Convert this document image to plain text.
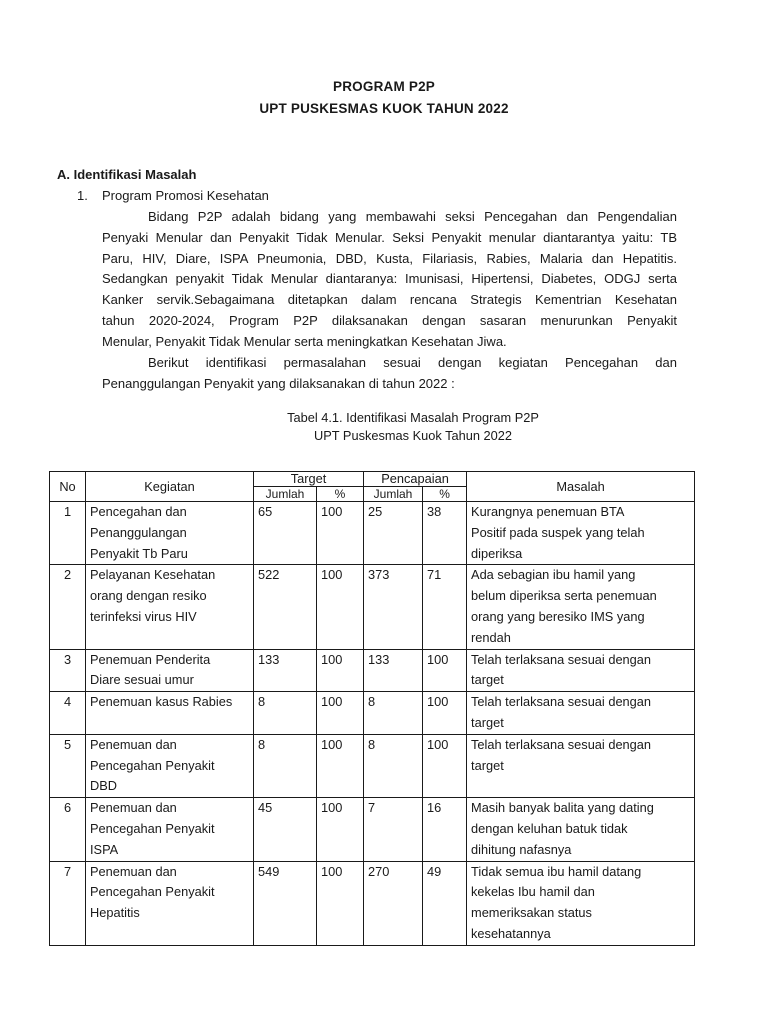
PROGRAM P2P
UPT PUSKESMAS KUOK TAHUN 2022
A. Identifikasi Masalah
1. Program Promosi Kesehatan
Bidang P2P adalah bidang yang membawahi seksi Pencegahan dan Pengendalian
Penyaki Menular dan Penyakit Tidak Menular. Seksi Penyakit menular diantarantya yaitu: TB
Paru, HIV, Diare, ISPA Pneumonia, DBD, Kusta, Filariasis, Rabies, Malaria dan Hepatitis.
Sedangkan penyakit Tidak Menular diantaranya: Imunisasi, Hipertensi, Diabetes, ODGJ serta
Kanker servik.Sebagaimana ditetapkan dalam rencana Strategis Kementrian Kesehatan
tahun 2020-2024, Program P2P dilaksanakan dengan sasaran menurunkan Penyakit
Menular, Penyakit Tidak Menular serta meningkatkan Kesehatan Jiwa.
Berikut identifikasi permasalahan sesuai dengan kegiatan Pencegahan dan
Penanggulangan Penyakit yang dilaksanakan di tahun 2022 :
Tabel 4.1. Identifikasi Masalah Program P2P
UPT Puskesmas Kuok Tahun 2022
No	Kegiatan	Target		Pencapaian		Masalah
		Jumlah	%	Jumlah	%	
1	Pencegahan dan
Penanggulangan
Penyakit Tb Paru	65	100	25	38	Kurangnya penemuan BTA
Positif pada suspek yang telah
diperiksa

2	Pelayanan Kesehatan
orang dengan resiko
terinfeksi virus HIV	522	100	373	71	Ada sebagian ibu hamil yang
belum diperiksa serta penemuan
orang yang beresiko IMS yang
rendah

3	Penemuan Penderita
Diare sesuai umur	133	100	133	100	Telah terlaksana sesuai dengan
target

4	Penemuan kasus Rabies	8	100	8	100	Telah terlaksana sesuai dengan
target

5	Penemuan dan
Pencegahan Penyakit
DBD	8	100	8	100	Telah terlaksana sesuai dengan
target

6	Penemuan dan
Pencegahan Penyakit
ISPA	45	100	7	16	Masih banyak balita yang dating
dengan keluhan batuk tidak
dihitung nafasnya

7	Penemuan dan
Pencegahan Penyakit
Hepatitis	549	100	270	49	Tidak semua ibu hamil datang
kekelas Ibu hamil dan
memeriksakan status
kesehatannya
